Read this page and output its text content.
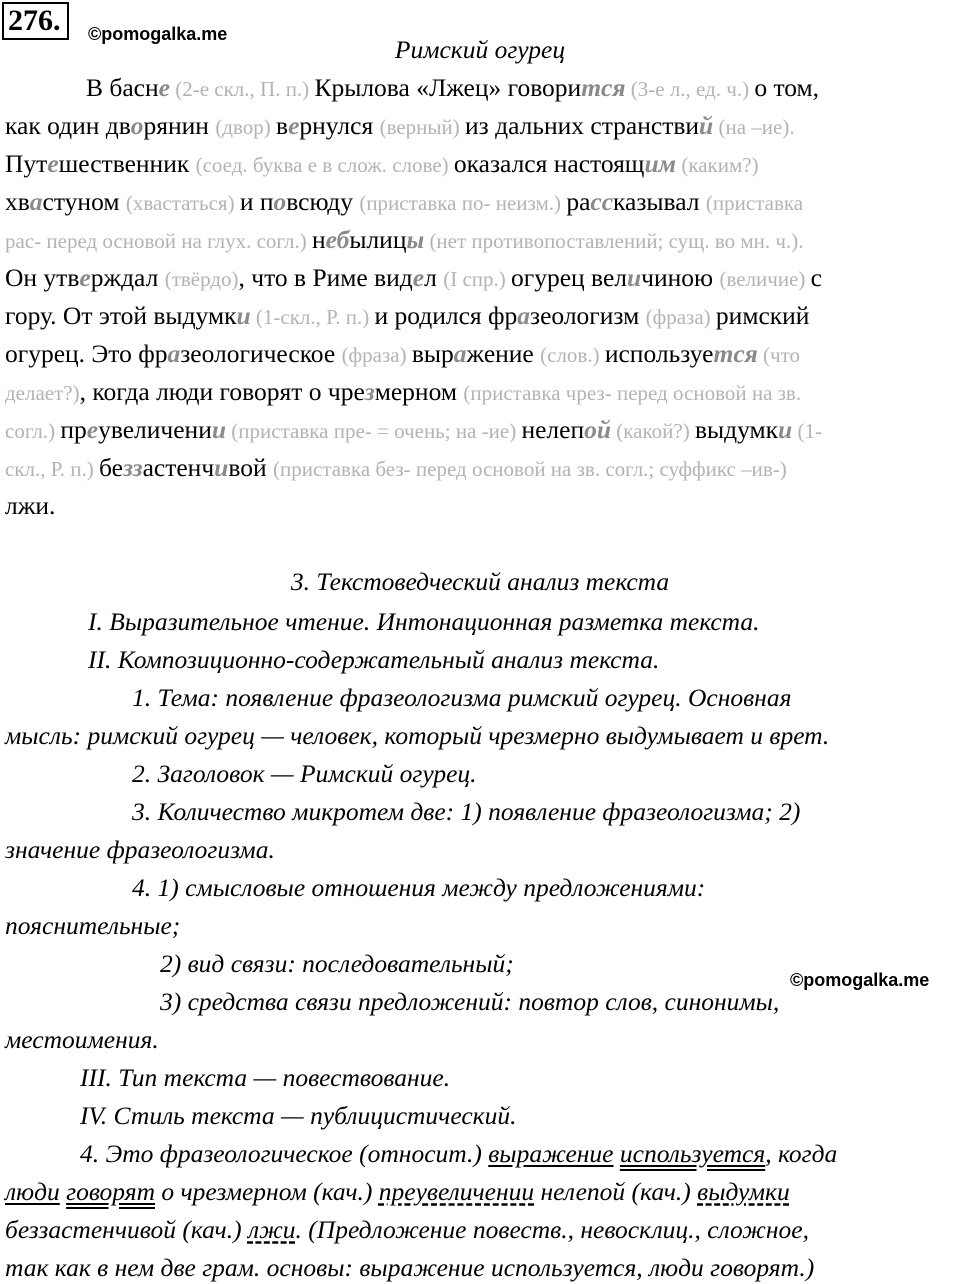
276.	©pomogalka.me
Римский огурец
В басне (2-е скл., П. п.) Крылова «Лжец» говорится (3-е л., ед. ч.) о том,
как один дворянин (двор) вернулся (верный) из дальних странствий (на –ие).
Путешественник (соед. буква е в слож. слове) оказался настоящим (каким?)
хвастуном (хвастаться) и повсюду (приставка по- неизм.) рассказывал (приставка
рас- перед основой на глух. согл.) небылицы (нет противопоставлений; сущ. во мн. ч.).
Он утверждал (твёрдо), что в Риме видел (I спр.) огурец величиною (величие) с
гору. От этой выдумки (1-скл., Р. п.) и родился фразеологизм (фраза) римский
огурец. Это фразеологическое (фраза) выражение (слов.) используется (что
делает?), когда люди говорят о чрезмерном (приставка чрез- перед основой на зв.
согл.) преувеличении (приставка пре- = очень; на -ие) нелепой (какой?) выдумки (1-
скл., Р. п.) беззастенчивой (приставка без- перед основой на зв. согл.; суффикс –ив-)
лжи.
3. Текстоведческий анализ текста
I. Выразительное чтение. Интонационная разметка текста.
II. Композиционно-содержательный анализ текста.
1. Тема: появление фразеологизма римский огурец. Основная
мысль: римский огурец — человек, который чрезмерно выдумывает и врет.
2. Заголовок — Римский огурец.
3. Количество микротем две: 1) появление фразеологизма; 2)
значение фразеологизма.
4. 1) смысловые отношения между предложениями:
пояснительные;
2) вид связи: последовательный;
3) средства связи предложений: повтор слов, синонимы,
местоимения.
III. Тип текста — повествование.
IV. Стиль текста — публицистический.
©pomogalka.me
4. Это фразеологическое (относит.) выражение используется, когда
люди говорят о чрезмерном (кач.) преувеличении нелепой (кач.) выдумки
беззастенчивой (кач.) лжи. (Предложение повеств., невосклиц., сложное,
так как в нем две грам. основы: выражение используется, люди говорят.)
